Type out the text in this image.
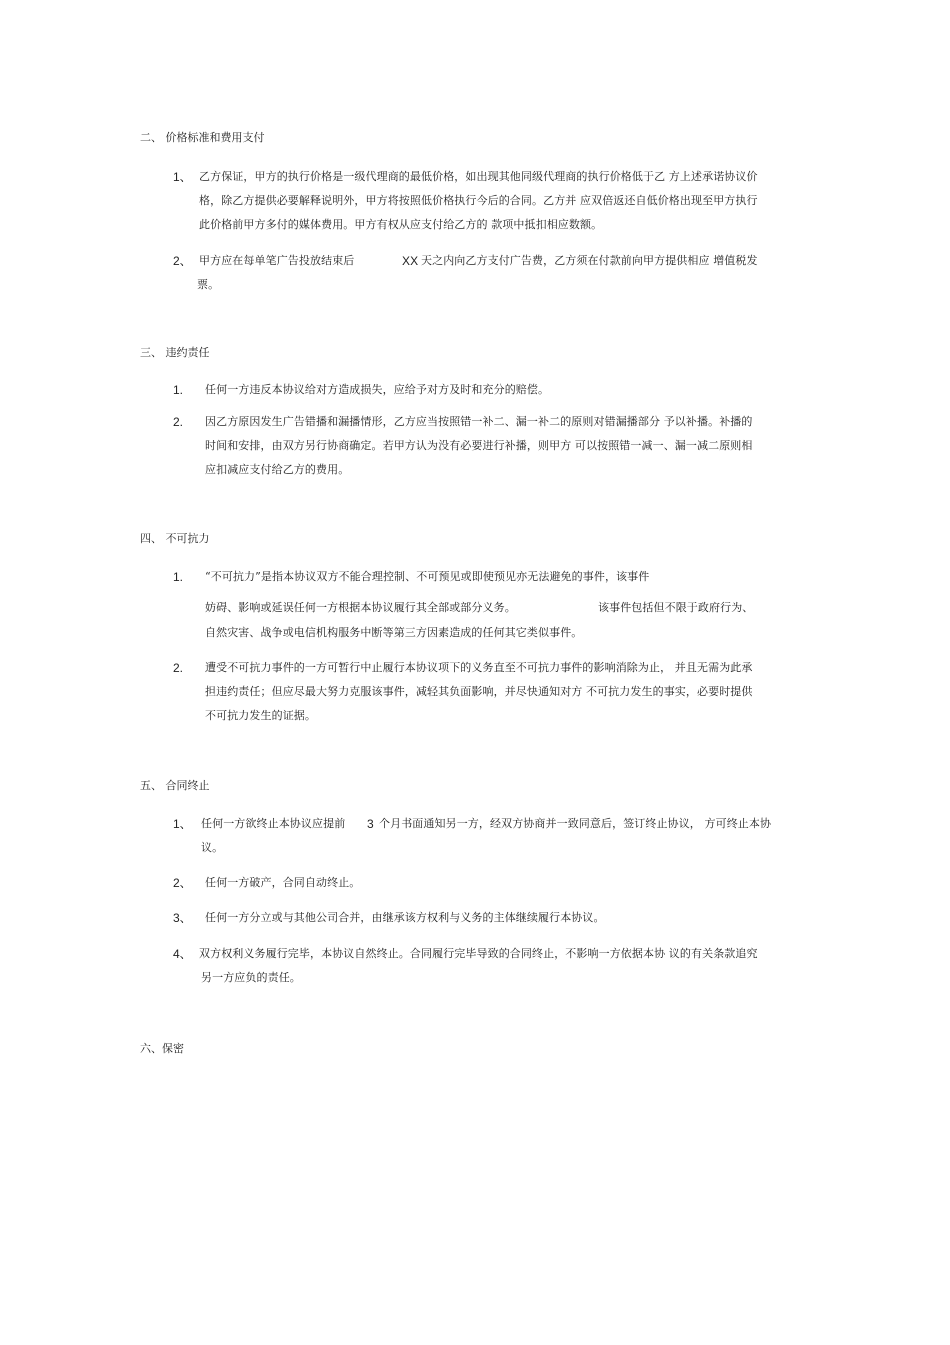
二、 价格标准和费用支付
1、 乙方保证，甲方的执行价格是一级代理商的最低价格，如出现其他同级代理商的执行价格低于乙 方上述承诺协议价
格，除乙方提供必要解释说明外，甲方将按照低价格执行今后的合同。乙方并 应双倍返还自低价格出现至甲方执行
此价格前甲方多付的媒体费用。甲方有权从应支付给乙方的 款项中抵扣相应数额。
2、 甲方应在每单笔广告投放结束后	XX 天之内向乙方支付广告费，乙方须在付款前向甲方提供相应 增值税发
票。
三、 违约责任
1. 任何一方违反本协议给对方造成损失，应给予对方及时和充分的赔偿。
2. 因乙方原因发生广告错播和漏播情形，乙方应当按照错一补二、漏一补二的原则对错漏播部分 予以补播。补播的
时间和安排，由双方另行协商确定。若甲方认为没有必要进行补播，则甲方 可以按照错一减一、漏一减二原则相
应扣减应支付给乙方的费用。
四、 不可抗力
1. “不可抗力”是指本协议双方不能合理控制、不可预见或即使预见亦无法避免的事件，该事件
妨碍、影响或延误任何一方根据本协议履行其全部或部分义务。	该事件包括但不限于政府行为、
自然灾害、战争或电信机构服务中断等第三方因素造成的任何其它类似事件。
2. 遭受不可抗力事件的一方可暂行中止履行本协议项下的义务直至不可抗力事件的影响消除为止， 并且无需为此承
担违约责任；但应尽最大努力克服该事件，减轻其负面影响，并尽快通知对方 不可抗力发生的事实，必要时提供
不可抗力发生的证据。
五、 合同终止
1、 任何一方欲终止本协议应提前 3 个月书面通知另一方，经双方协商并一致同意后，签订终止协议， 方可终止本协
议。
2、 任何一方破产，合同自动终止。
3、 任何一方分立或与其他公司合并，由继承该方权利与义务的主体继续履行本协议。
4、 双方权利义务履行完毕，本协议自然终止。合同履行完毕导致的合同终止，不影响一方依据本协 议的有关条款追究
另一方应负的责任。
六、保密
